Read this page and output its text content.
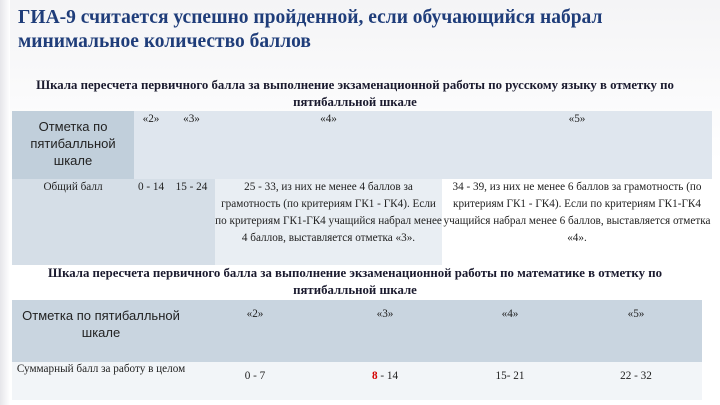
ГИА-9 считается успешно пройденной, если обучающийся набрал минимальное количество баллов

Шкала пересчета первичного балла за выполнение экзаменационной работы по русскому языку в отметку по пятибалльной шкале

Отметка по пятибалльной шкале	«2»	«3»	«4»	«5»
Общий балл	0 - 14	15 - 24	25 - 33, из них не менее 4 баллов за грамотность (по критериям ГК1 - ГК4). Если по критериям ГК1-ГК4 учащийся набрал менее 4 баллов, выставляется отметка «3».	34 - 39, из них не менее 6 баллов за грамотность (по критериям ГК1 - ГК4). Если по критериям ГК1-ГК4 учащийся набрал менее 6 баллов, выставляется отметка «4».

Шкала пересчета первичного балла за выполнение экзаменационной работы по математике в отметку по пятибалльной шкале

Отметка по пятибалльной шкале	«2»	«3»	«4»	«5»
Суммарный балл за работу в целом	0 - 7	8 - 14	15- 21	22 - 32
